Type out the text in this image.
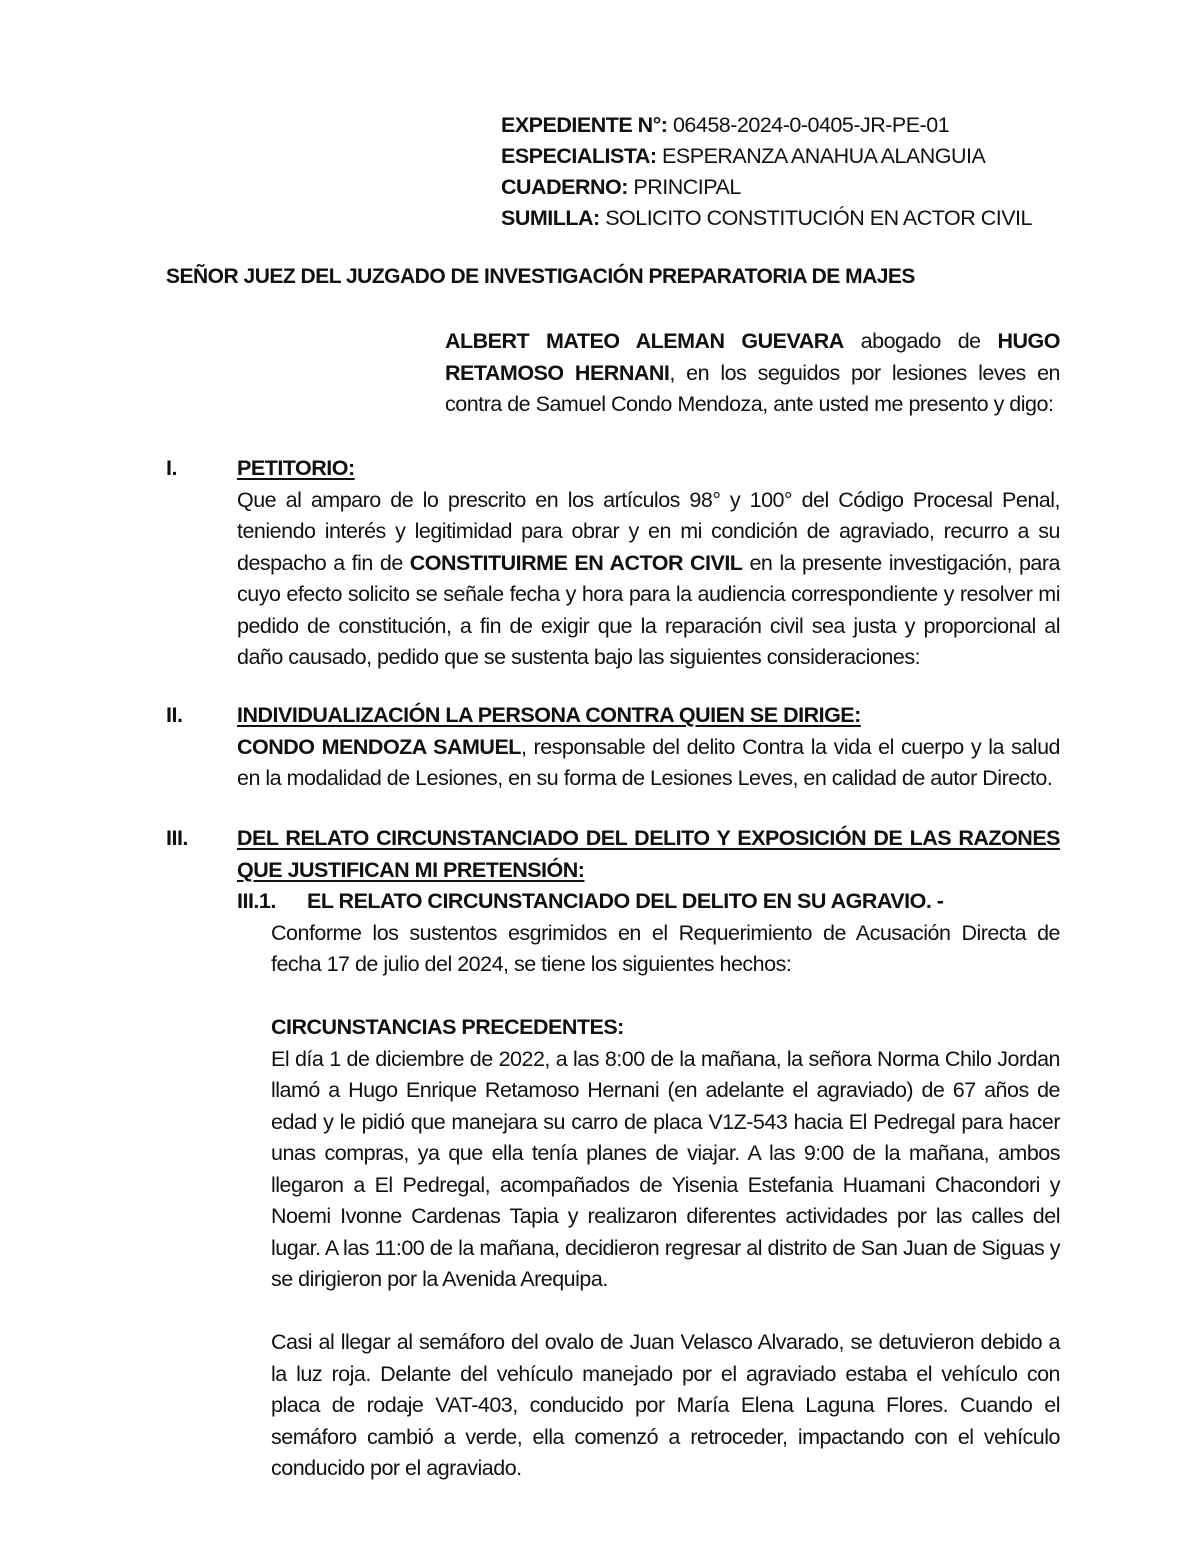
EXPEDIENTE N°: 06458-2024-0-0405-JR-PE-01
ESPECIALISTA: ESPERANZA ANAHUA ALANGUIA
CUADERNO: PRINCIPAL
SUMILLA: SOLICITO CONSTITUCIÓN EN ACTOR CIVIL
SEÑOR JUEZ DEL JUZGADO DE INVESTIGACIÓN PREPARATORIA DE MAJES
ALBERT MATEO ALEMAN GUEVARA abogado de HUGO RETAMOSO HERNANI, en los seguidos por lesiones leves en contra de Samuel Condo Mendoza, ante usted me presento y digo:
I.	PETITORIO:
Que al amparo de lo prescrito en los artículos 98° y 100° del Código Procesal Penal, teniendo interés y legitimidad para obrar y en mi condición de agraviado, recurro a su despacho a fin de CONSTITUIRME EN ACTOR CIVIL en la presente investigación, para cuyo efecto solicito se señale fecha y hora para la audiencia correspondiente y resolver mi pedido de constitución, a fin de exigir que la reparación civil sea justa y proporcional al daño causado, pedido que se sustenta bajo las siguientes consideraciones:
II.	INDIVIDUALIZACIÓN LA PERSONA CONTRA QUIEN SE DIRIGE:
CONDO MENDOZA SAMUEL, responsable del delito Contra la vida el cuerpo y la salud en la modalidad de Lesiones, en su forma de Lesiones Leves, en calidad de autor Directo.
III. DEL RELATO CIRCUNSTANCIADO DEL DELITO Y EXPOSICIÓN DE LAS RAZONES QUE JUSTIFICAN MI PRETENSIÓN:
III.1. EL RELATO CIRCUNSTANCIADO DEL DELITO EN SU AGRAVIO. -
Conforme los sustentos esgrimidos en el Requerimiento de Acusación Directa de fecha 17 de julio del 2024, se tiene los siguientes hechos:
CIRCUNSTANCIAS PRECEDENTES:
El día 1 de diciembre de 2022, a las 8:00 de la mañana, la señora Norma Chilo Jordan llamó a Hugo Enrique Retamoso Hernani (en adelante el agraviado) de 67 años de edad y le pidió que manejara su carro de placa V1Z-543 hacia El Pedregal para hacer unas compras, ya que ella tenía planes de viajar. A las 9:00 de la mañana, ambos llegaron a El Pedregal, acompañados de Yisenia Estefania Huamani Chacondori y Noemi Ivonne Cardenas Tapia y realizaron diferentes actividades por las calles del lugar. A las 11:00 de la mañana, decidieron regresar al distrito de San Juan de Siguas y se dirigieron por la Avenida Arequipa.
Casi al llegar al semáforo del ovalo de Juan Velasco Alvarado, se detuvieron debido a la luz roja. Delante del vehículo manejado por el agraviado estaba el vehículo con placa de rodaje VAT-403, conducido por María Elena Laguna Flores. Cuando el semáforo cambió a verde, ella comenzó a retroceder, impactando con el vehículo conducido por el agraviado.
